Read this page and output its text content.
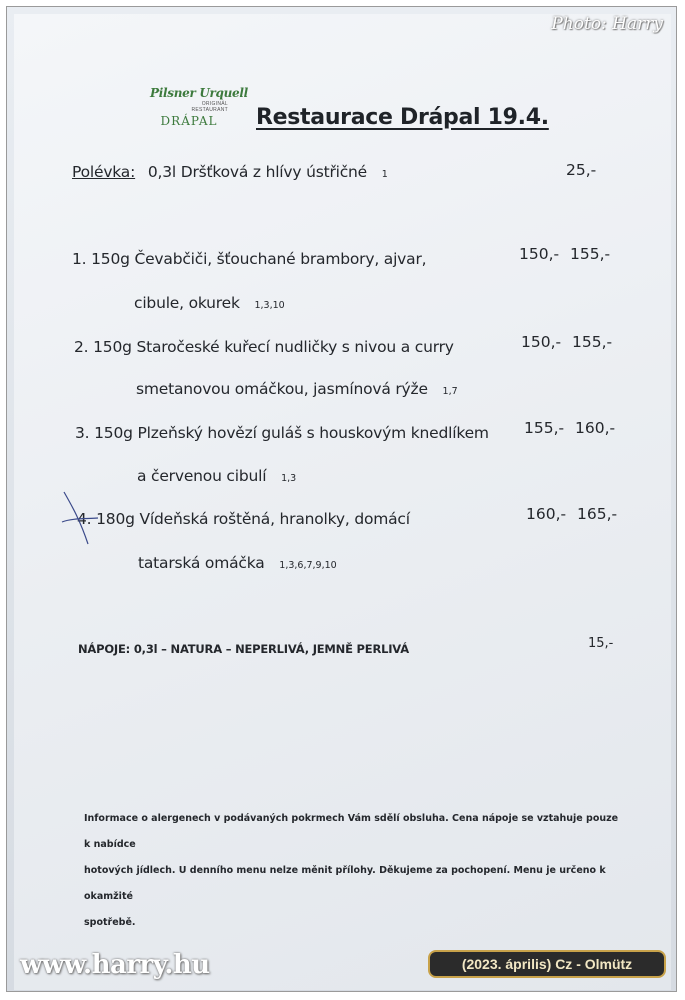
Photo: Harry
Pilsner Urquell
ORIGINÁL
RESTAURANT
DRÁPAL	Restaurace Drápal 19.4.
Polévka: 0,3l Dršťková z hlívy ústřičné 1	25,-
1. 150g Čevabčiči, šťouchané brambory, ajvar,
cibule, okurek 1,3,10
150,- 155,-
2. 150g Staročeské kuřecí nudličky s nivou a curry
smetanovou omáčkou, jasmínová rýže 1,7
150,- 155,-
3. 150g Plzeňský hovězí guláš s houskovým knedlíkem
a červenou cibulí 1,3
155,- 160,-
4. 180g Vídeňská roštěná, hranolky, domácí
tatarská omáčka 1,3,6,7,9,10
160,- 165,-
NÁPOJE: 0,3l – NATURA – NEPERLIVÁ, JEMNĚ PERLIVÁ	15,-
Informace o alergenech v podávaných pokrmech Vám sdělí obsluha. Cena nápoje se vztahuje pouze k nabídce
hotových jídlech. U denního menu nelze měnit přílohy. Děkujeme za pochopení. Menu je určeno k okamžité
spotřebě.
www.harry.hu	(2023. április) Cz - Olmütz
